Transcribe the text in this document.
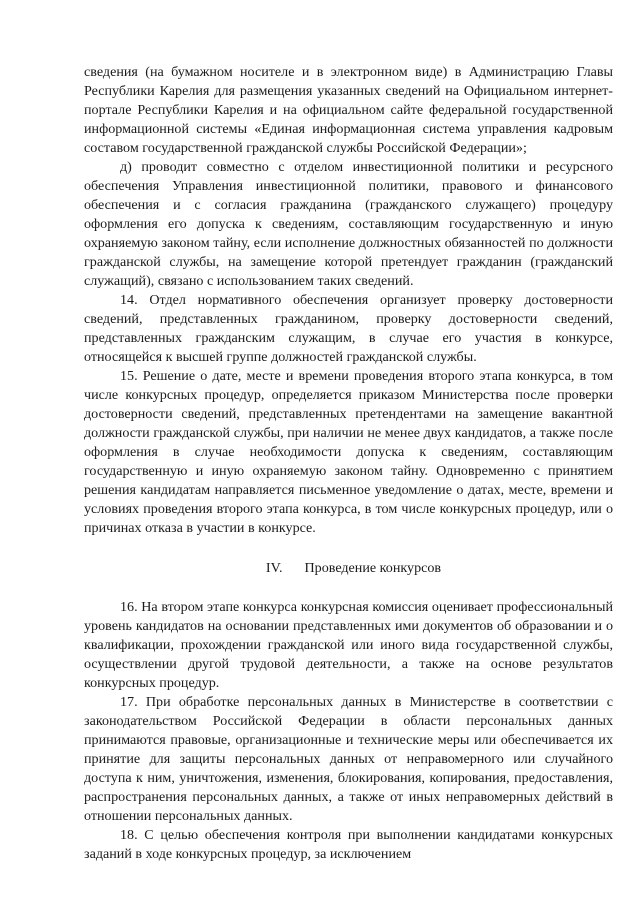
сведения (на бумажном носителе и в электронном виде) в Администрацию Главы Республики Карелия для размещения указанных сведений на Официальном интернет-портале Республики Карелия и на официальном сайте федеральной государственной информационной системы «Единая информационная система управления кадровым составом государственной гражданской службы Российской Федерации»;

д) проводит совместно с отделом инвестиционной политики и ресурсного обеспечения Управления инвестиционной политики, правового и финансового обеспечения и с согласия гражданина (гражданского служащего) процедуру оформления его допуска к сведениям, составляющим государственную и иную охраняемую законом тайну, если исполнение должностных обязанностей по должности гражданской службы, на замещение которой претендует гражданин (гражданский служащий), связано с использованием таких сведений.

14. Отдел нормативного обеспечения организует проверку достоверности сведений, представленных гражданином, проверку достоверности сведений, представленных гражданским служащим, в случае его участия в конкурсе, относящейся к высшей группе должностей гражданской службы.

15. Решение о дате, месте и времени проведения второго этапа конкурса, в том числе конкурсных процедур, определяется приказом Министерства после проверки достоверности сведений, представленных претендентами на замещение вакантной должности гражданской службы, при наличии не менее двух кандидатов, а также после оформления в случае необходимости допуска к сведениям, составляющим государственную и иную охраняемую законом тайну. Одновременно с принятием решения кандидатам направляется письменное уведомление о датах, месте, времени и условиях проведения второго этапа конкурса, в том числе конкурсных процедур, или о причинах отказа в участии в конкурсе.

IV. Проведение конкурсов

16. На втором этапе конкурса конкурсная комиссия оценивает профессиональный уровень кандидатов на основании представленных ими документов об образовании и о квалификации, прохождении гражданской или иного вида государственной службы, осуществлении другой трудовой деятельности, а также на основе результатов конкурсных процедур.

17. При обработке персональных данных в Министерстве в соответствии с законодательством Российской Федерации в области персональных данных принимаются правовые, организационные и технические меры или обеспечивается их принятие для защиты персональных данных от неправомерного или случайного доступа к ним, уничтожения, изменения, блокирования, копирования, предоставления, распространения персональных данных, а также от иных неправомерных действий в отношении персональных данных.

18. С целью обеспечения контроля при выполнении кандидатами конкурсных заданий в ходе конкурсных процедур, за исключением
